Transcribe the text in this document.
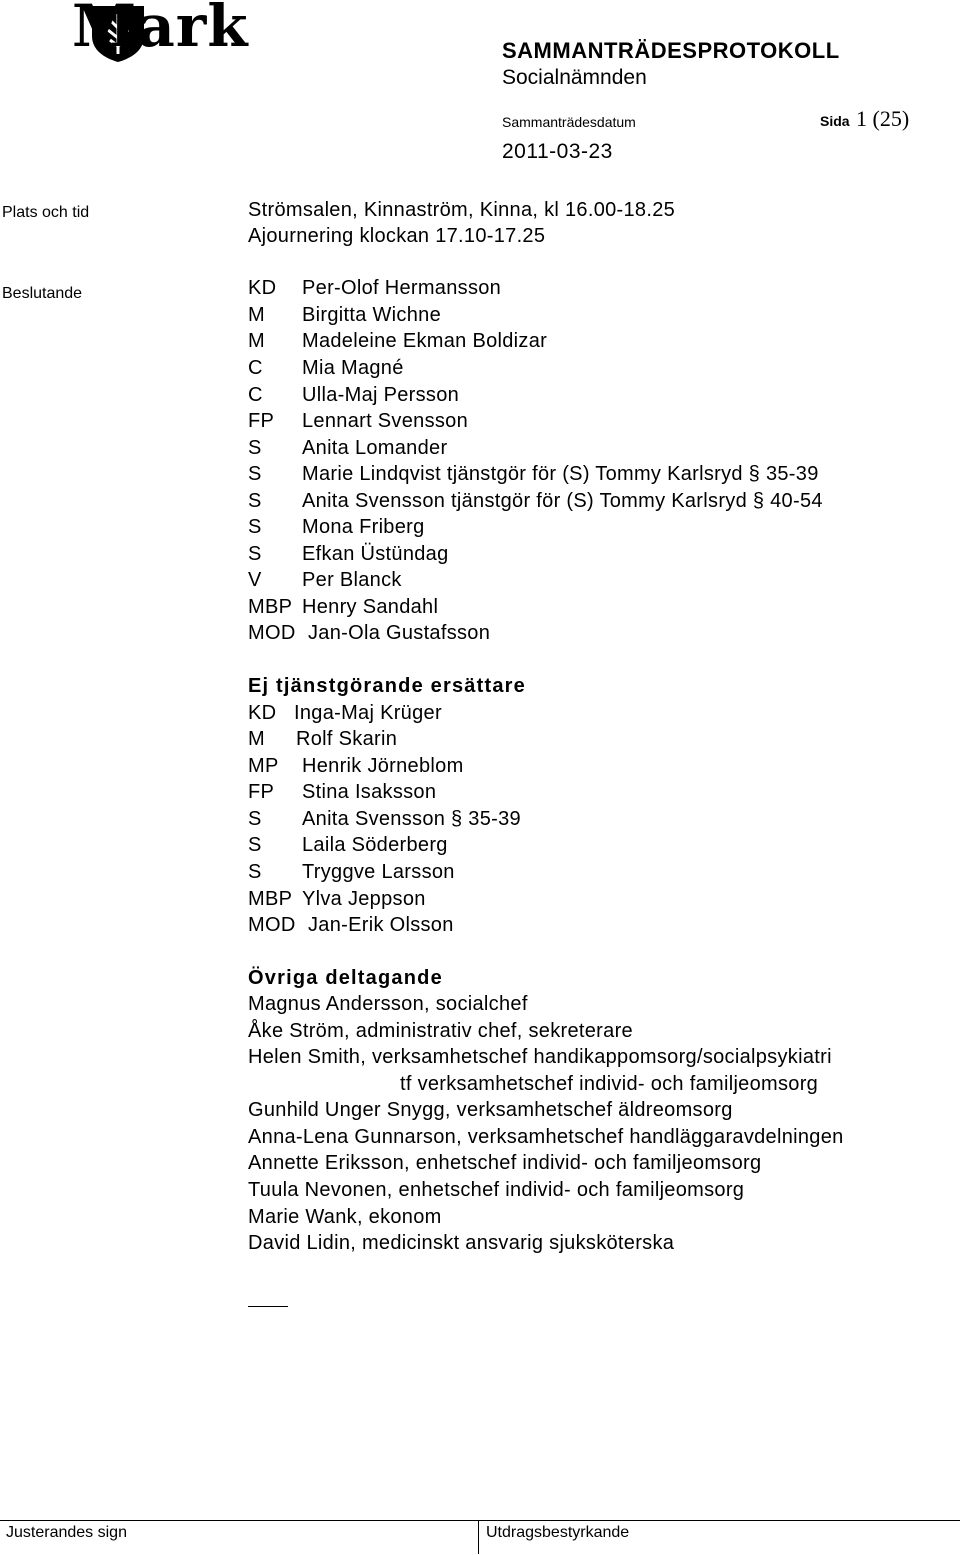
Mark	SAMMANTRÄDESPROTOKOLL
Socialnämnden
Sammanträdesdatum	Sida 1 (25)
2011-03-23
Plats och tid	Strömsalen, Kinnaström, Kinna, kl 16.00-18.25
Ajournering klockan 17.10-17.25
Beslutande	KD Per-Olof Hermansson
M Birgitta Wichne
M Madeleine Ekman Boldizar
C Mia Magné
C Ulla-Maj Persson
FP Lennart Svensson
S Anita Lomander
S Marie Lindqvist tjänstgör för (S) Tommy Karlsryd § 35-39
S Anita Svensson tjänstgör för (S) Tommy Karlsryd § 40-54
S Mona Friberg
S Efkan Üstündag
V Per Blanck
MBP Henry Sandahl
MOD Jan-Ola Gustafsson
Ej tjänstgörande ersättare
KD Inga-Maj Krüger
M Rolf Skarin
MP Henrik Jörneblom
FP Stina Isaksson
S Anita Svensson § 35-39
S Laila Söderberg
S Tryggve Larsson
MBP Ylva Jeppson
MOD Jan-Erik Olsson
Övriga deltagande
Magnus Andersson, socialchef
Åke Ström, administrativ chef, sekreterare
Helen Smith, verksamhetschef handikappomsorg/socialpsykiatri
tf verksamhetschef individ- och familjeomsorg
Gunhild Unger Snygg, verksamhetschef äldreomsorg
Anna-Lena Gunnarson, verksamhetschef handläggaravdelningen
Annette Eriksson, enhetschef individ- och familjeomsorg
Tuula Nevonen, enhetschef individ- och familjeomsorg
Marie Wank, ekonom
David Lidin, medicinskt ansvarig sjuksköterska
Justerandes sign	Utdragsbestyrkande
